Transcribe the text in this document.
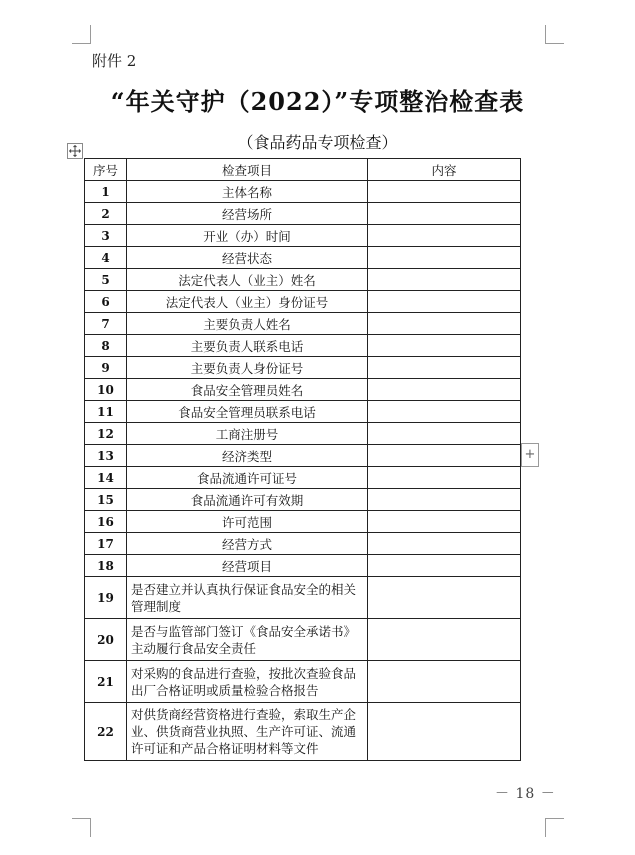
附件 2
“年关守护（2022）”专项整治检查表
（食品药品专项检查）
+
序号	检查项目	内容
1	主体名称	
2	经营场所	
3	开业（办）时间	
4	经营状态	
5	法定代表人（业主）姓名	
6	法定代表人（业主）身份证号	
7	主要负责人姓名	
8	主要负责人联系电话	
9	主要负责人身份证号	
10	食品安全管理员姓名	
11	食品安全管理员联系电话	
12	工商注册号	
13	经济类型	
14	食品流通许可证号	
15	食品流通许可有效期	
16	许可范围	
17	经营方式	
18	经营项目	
19	是否建立并认真执行保证食品安全的相关管理制度	
20	是否与监管部门签订《食品安全承诺书》主动履行食品安全责任	
21	对采购的食品进行查验，按批次查验食品出厂合格证明或质量检验合格报告	
22	对供货商经营资格进行查验，索取生产企业、供货商营业执照、生产许可证、流通许可证和产品合格证明材料等文件	
－ 18 －
